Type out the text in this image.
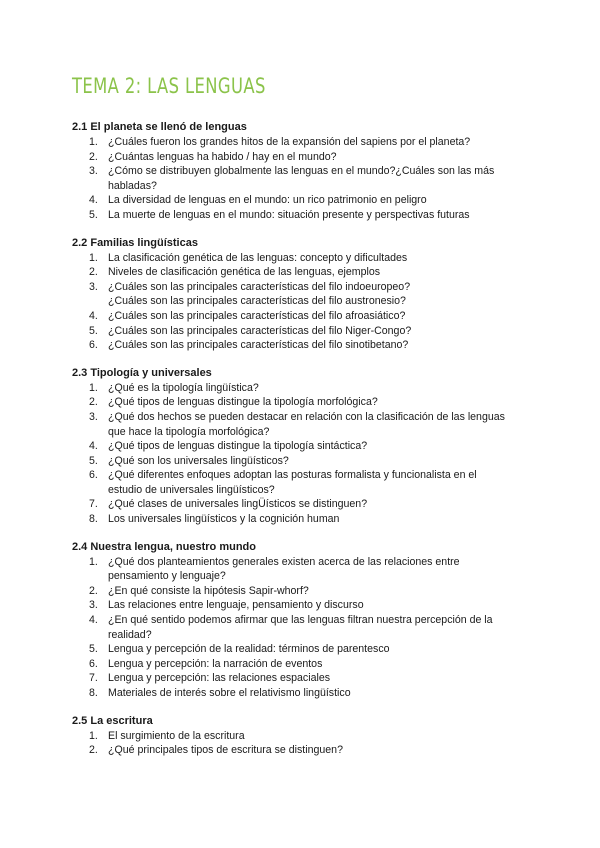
TEMA 2: LAS LENGUAS
2.1 El planeta se llenó de lenguas
1. ¿Cuáles fueron los grandes hitos de la expansión del sapiens por el planeta?
2. ¿Cuántas lenguas ha habido / hay en el mundo?
3. ¿Cómo se distribuyen globalmente las lenguas en el mundo?¿Cuáles son las más
habladas?
4. La diversidad de lenguas en el mundo: un rico patrimonio en peligro
5. La muerte de lenguas en el mundo: situación presente y perspectivas futuras
2.2 Familias lingüísticas
1. La clasificación genética de las lenguas: concepto y dificultades
2. Niveles de clasificación genética de las lenguas, ejemplos
3. ¿Cuáles son las principales características del filo indoeuropeo?
¿Cuáles son las principales características del filo austronesio?
4. ¿Cuáles son las principales características del filo afroasiático?
5. ¿Cuáles son las principales características del filo Niger-Congo?
6. ¿Cuáles son las principales características del filo sinotibetano?
2.3 Tipología y universales
1. ¿Qué es la tipología lingüística?
2. ¿Qué tipos de lenguas distingue la tipología morfológica?
3. ¿Qué dos hechos se pueden destacar en relación con la clasificación de las lenguas
que hace la tipología morfológica?
4. ¿Qué tipos de lenguas distingue la tipología sintáctica?
5. ¿Qué son los universales lingüísticos?
6. ¿Qué diferentes enfoques adoptan las posturas formalista y funcionalista en el
estudio de universales lingüísticos?
7. ¿Qué clases de universales lingÜísticos se distinguen?
8. Los universales lingüísticos y la cognición human
2.4 Nuestra lengua, nuestro mundo
1. ¿Qué dos planteamientos generales existen acerca de las relaciones entre
pensamiento y lenguaje?
2. ¿En qué consiste la hipótesis Sapir-whorf?
3. Las relaciones entre lenguaje, pensamiento y discurso
4. ¿En qué sentido podemos afirmar que las lenguas filtran nuestra percepción de la
realidad?
5. Lengua y percepción de la realidad: términos de parentesco
6. Lengua y percepción: la narración de eventos
7. Lengua y percepción: las relaciones espaciales
8. Materiales de interés sobre el relativismo lingüístico
2.5 La escritura
1. El surgimiento de la escritura
2. ¿Qué principales tipos de escritura se distinguen?
